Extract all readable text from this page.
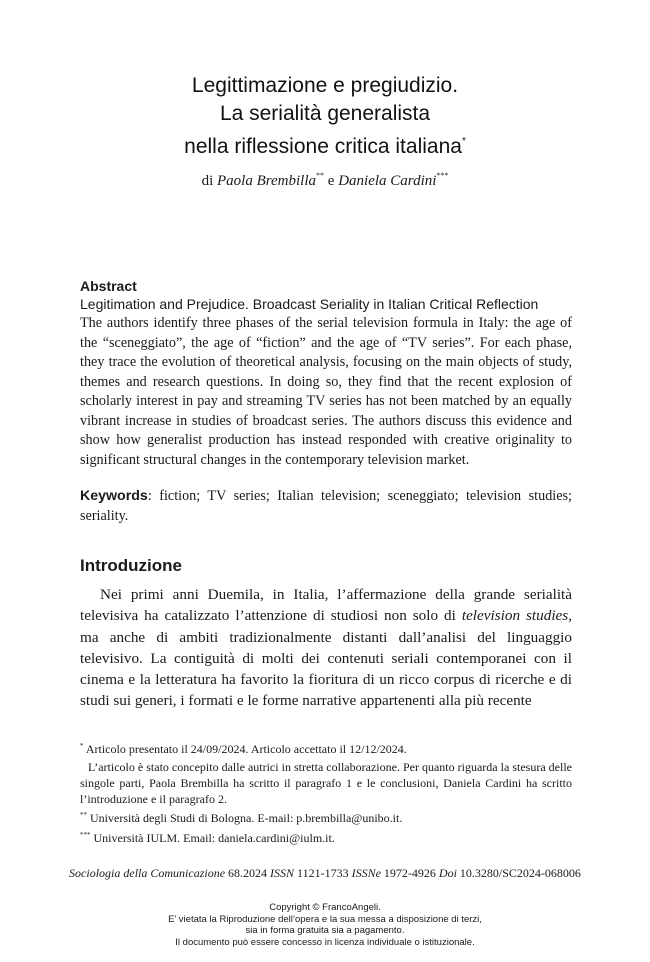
Legittimazione e pregiudizio.
La serialità generalista
nella riflessione critica italiana*
di Paola Brembilla** e Daniela Cardini***
Abstract
Legitimation and Prejudice. Broadcast Seriality in Italian Critical Reflection
The authors identify three phases of the serial television formula in Italy: the age of the “sceneggiato”, the age of “fiction” and the age of “TV series”. For each phase, they trace the evolution of theoretical analysis, focusing on the main objects of study, themes and research questions. In doing so, they find that the recent explosion of scholarly interest in pay and streaming TV series has not been matched by an equally vibrant increase in studies of broadcast series. The authors discuss this evidence and show how generalist production has instead responded with creative originality to significant structural changes in the contemporary television market.
Keywords: fiction; TV series; Italian television; sceneggiato; television studies; seriality.
Introduzione
Nei primi anni Duemila, in Italia, l’affermazione della grande serialità televisiva ha catalizzato l’attenzione di studiosi non solo di television studies, ma anche di ambiti tradizionalmente distanti dall’analisi del linguaggio televisivo. La contiguità di molti dei contenuti seriali contemporanei con il cinema e la letteratura ha favorito la fioritura di un ricco corpus di ricerche e di studi sui generi, i formati e le forme narrative appartenenti alla più recente
* Articolo presentato il 24/09/2024. Articolo accettato il 12/12/2024.
L’articolo è stato concepito dalle autrici in stretta collaborazione. Per quanto riguarda la stesura delle singole parti, Paola Brembilla ha scritto il paragrafo 1 e le conclusioni, Daniela Cardini ha scritto l’introduzione e il paragrafo 2.
** Università degli Studi di Bologna. E-mail: p.brembilla@unibo.it.
*** Università IULM. Email: daniela.cardini@iulm.it.
Sociologia della Comunicazione 68.2024 ISSN 1121-1733 ISSNe 1972-4926 Doi 10.3280/SC2024-068006
Copyright © FrancoAngeli.
E’ vietata la Riproduzione dell’opera e la sua messa a disposizione di terzi,
sia in forma gratuita sia a pagamento.
Il documento può essere concesso in licenza individuale o istituzionale.
